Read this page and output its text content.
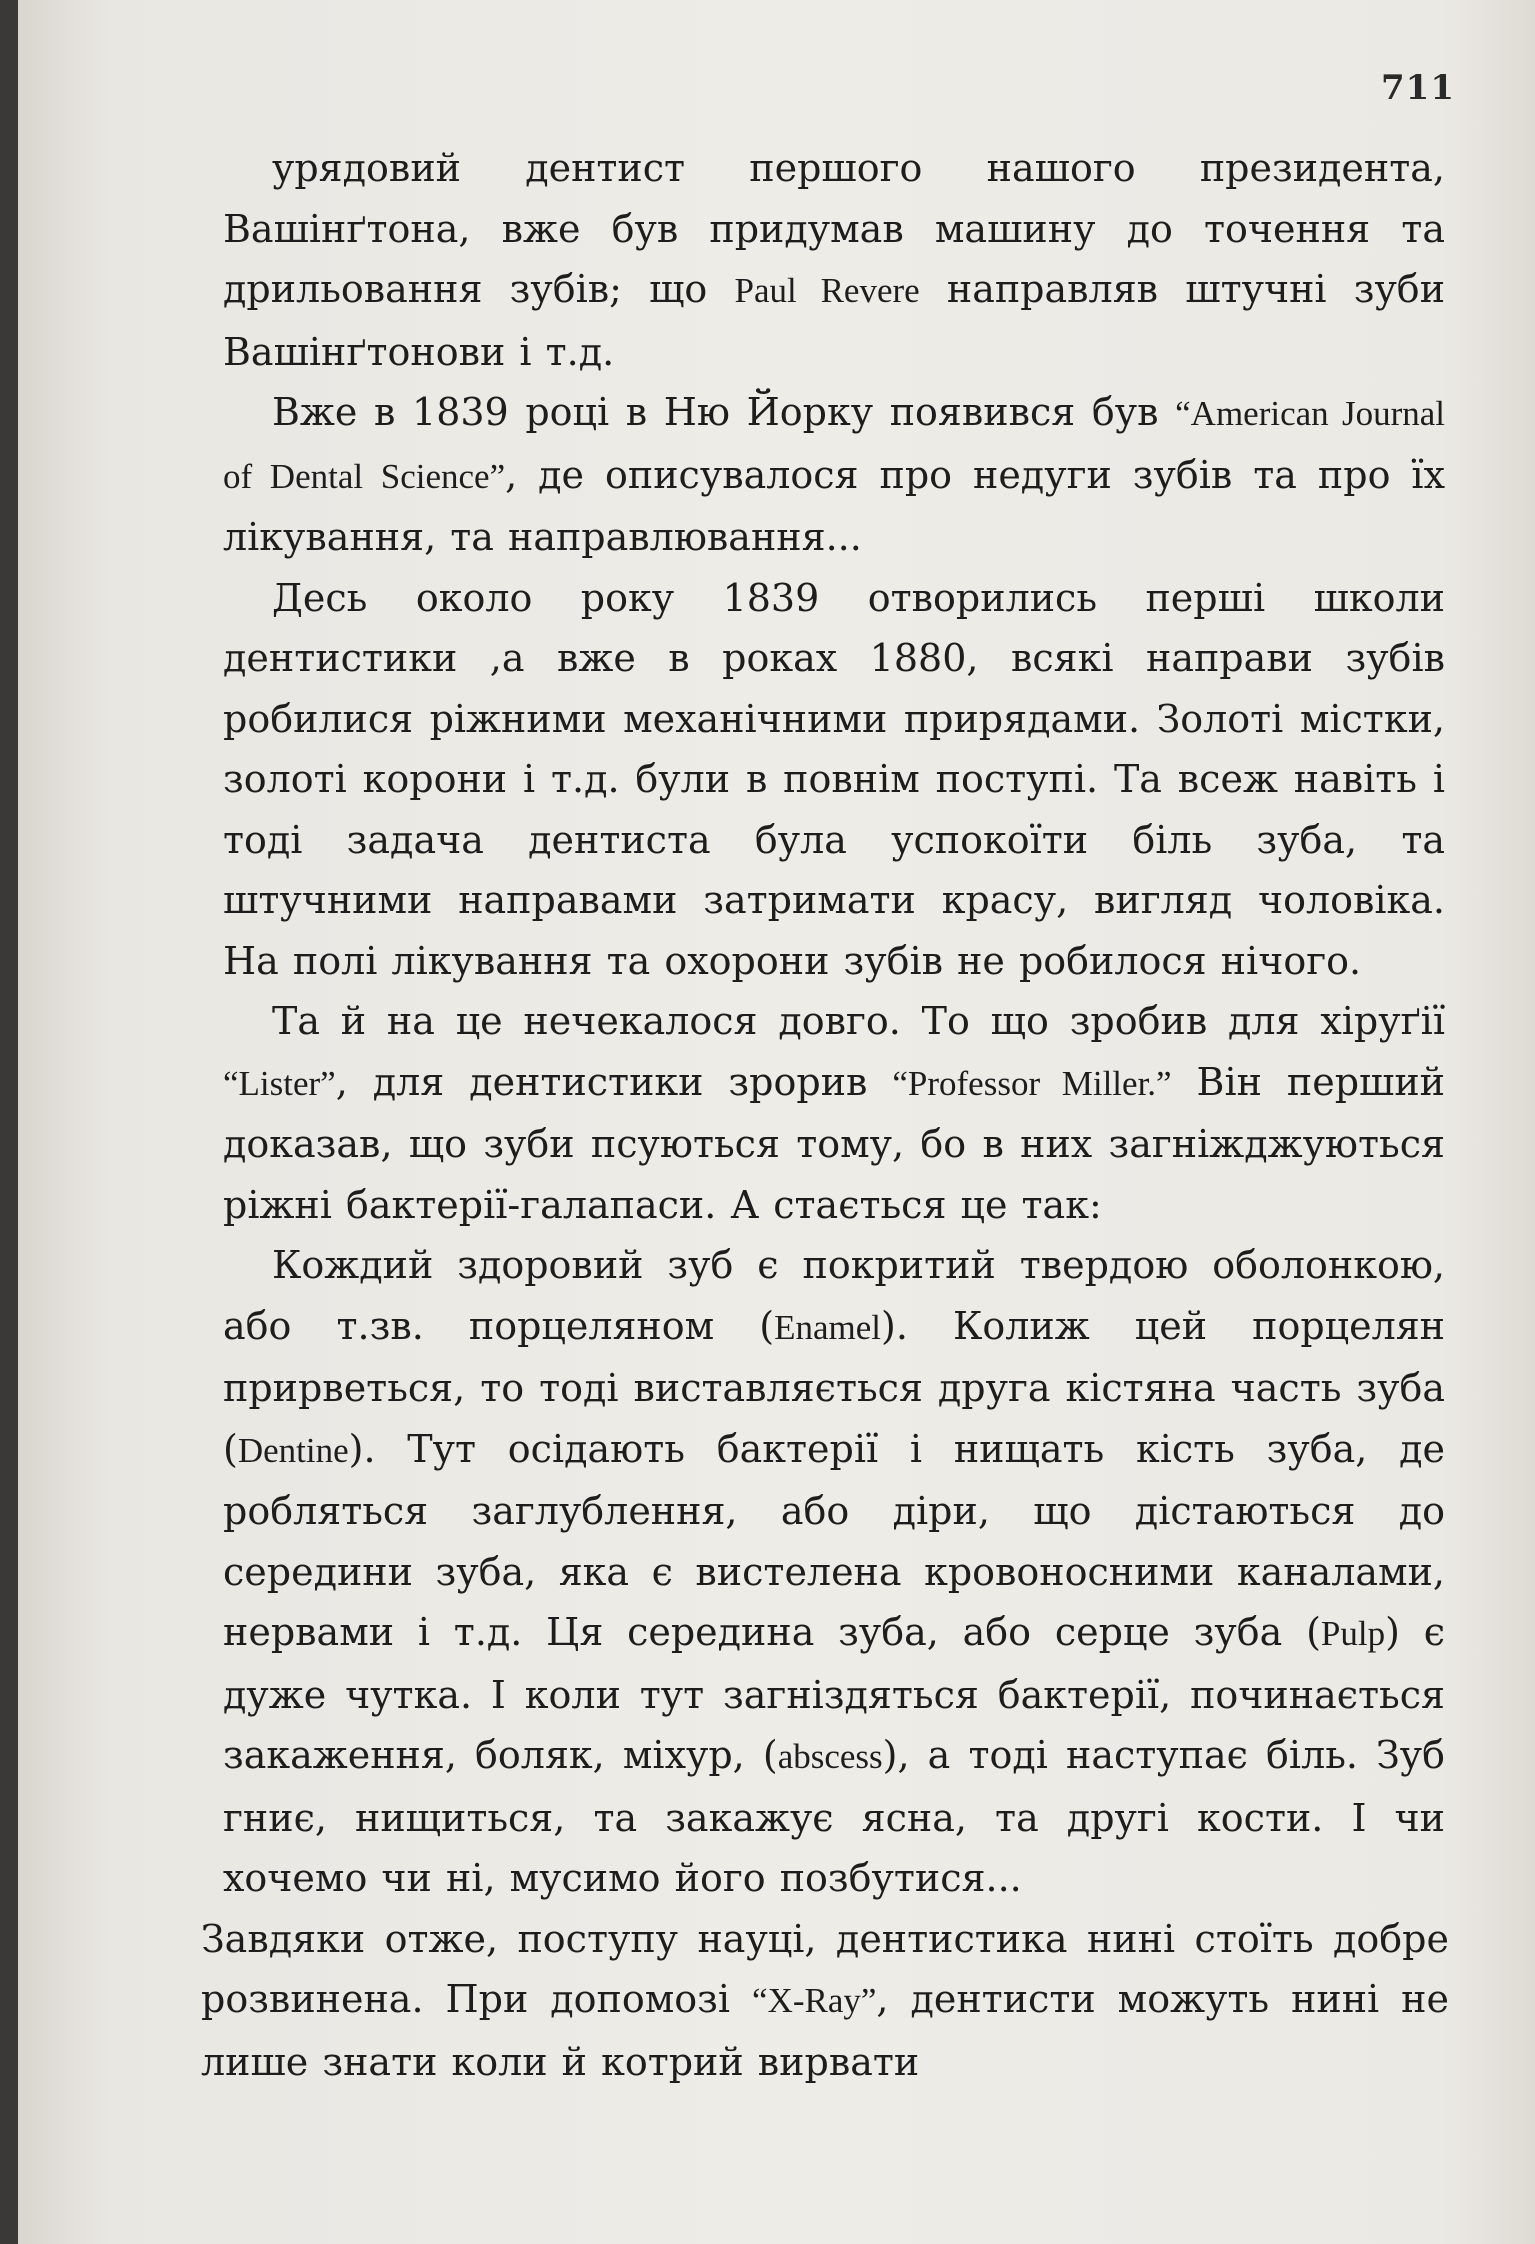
711

урядовий дентист першого нашого президента, Вашінґтона, вже був придумав машину до точення та дрильовання зубів; що Paul Revere направляв штучні зуби Вашінґтонови і т.д.

Вже в 1839 році в Ню Йорку появився був “American Journal of Dental Science”, де описувалося про недуги зубів та про їх лікування, та направлювання...

Десь около року 1839 отворились перші школи дентистики ,а вже в роках 1880, всякі направи зубів робилися ріжними механічними прирядами. Золоті містки, золоті корони і т.д. були в повнім поступі. Та всеж навіть і тоді задача дентиста була успокоїти біль зуба, та штучними направами затримати красу, вигляд чоловіка. На полі лікування та охорони зубів не робилося нічого.

Та й на це нечекалося довго. То що зробив для хіруґії “Lister”, для дентистики зрорив “Professor Miller.” Він перший доказав, що зуби псуються тому, бо в них загніжджуються ріжні бактерії-галапаси. А стається це так:

Кождий здоровий зуб є покритий твердою оболонкою, або т.зв. порцеляном (Enamel). Колиж цей порцелян прирветься, то тоді виставляється друга кістяна часть зуба (Dentine). Тут осідають бактерії і нищать кість зуба, де робляться заглублення, або діри, що дістаються до середини зуба, яка є вистелена кровоносними каналами, нервами і т.д. Ця середина зуба, або серце зуба (Pulp) є дуже чутка. І коли тут загніздяться бактерії, починається закаження, боляк, міхур, (abscess), а тоді наступає біль. Зуб гниє, нищиться, та закажує ясна, та другі кости. І чи хочемо чи ні, мусимо його позбутися...

Завдяки отже, поступу науці, дентистика нині стоїть добре розвинена. При допомозі “X-Ray”, дентисти можуть нині не лише знати коли й котрий вирвати
